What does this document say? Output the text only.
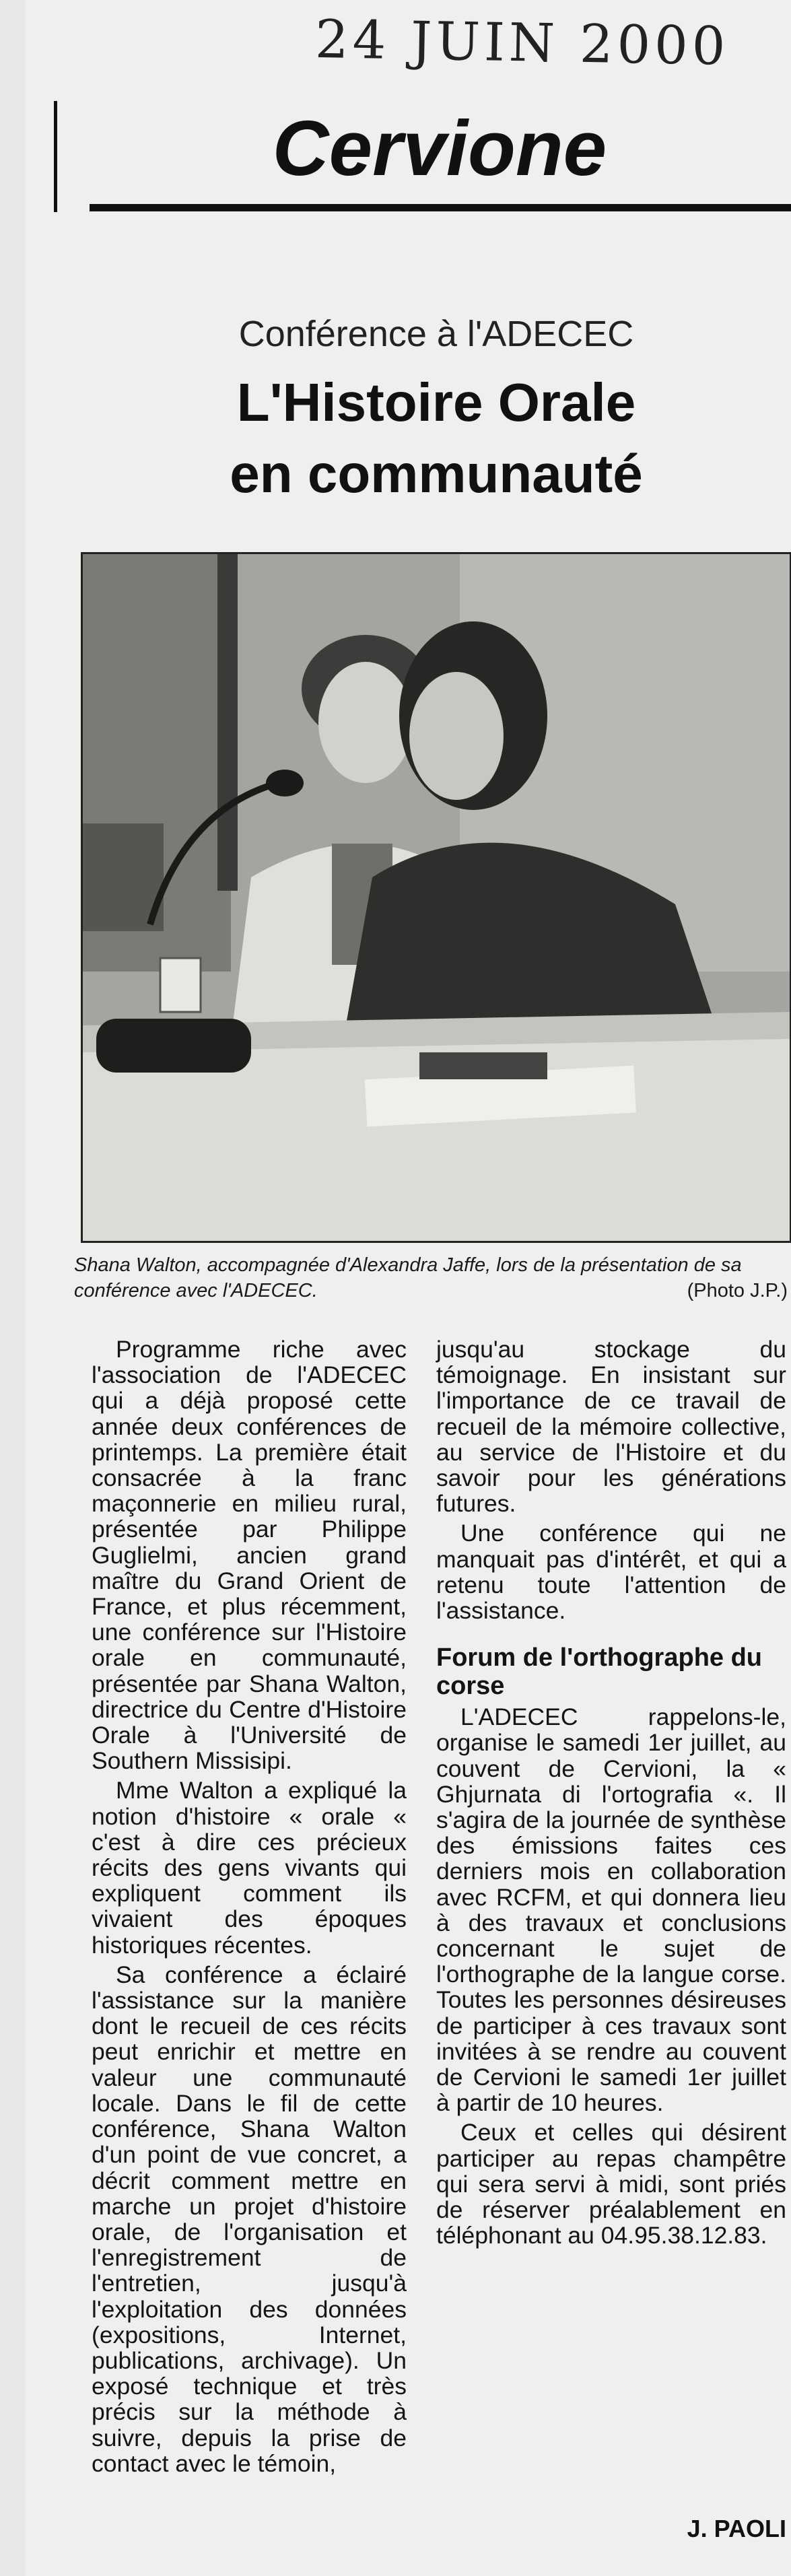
24 JUIN 2000
Cervione
Conférence à l'ADECEC
L'Histoire Orale
en communauté
Shana Walton, accompagnée d'Alexandra Jaffe, lors de la présentation de sa conférence avec l'ADECEC.	(Photo J.P.)

Programme riche avec l'association de l'ADECEC qui a déjà proposé cette année deux conférences de printemps. La première était consacrée à la franc maçonnerie en milieu rural, présentée par Philippe Guglielmi, ancien grand maître du Grand Orient de France, et plus récemment, une conférence sur l'Histoire orale en communauté, présentée par Shana Walton, directrice du Centre d'Histoire Orale à l'Université de Southern Missisipi.

Mme Walton a expliqué la notion d'histoire « orale « c'est à dire ces précieux récits des gens vivants qui expliquent comment ils vivaient des époques historiques récentes.

Sa conférence a éclairé l'assistance sur la manière dont le recueil de ces récits peut enrichir et mettre en valeur une communauté locale. Dans le fil de cette conférence, Shana Walton d'un point de vue concret, a décrit comment mettre en marche un projet d'histoire orale, de l'organisation et l'enregistrement de l'entretien, jusqu'à l'exploitation des données (expositions, Internet, publications, archivage). Un exposé technique et très précis sur la méthode à suivre, depuis la prise de contact avec le témoin,

jusqu'au stockage du témoignage. En insistant sur l'importance de ce travail de recueil de la mémoire collective, au service de l'Histoire et du savoir pour les générations futures.

Une conférence qui ne manquait pas d'intérêt, et qui a retenu toute l'attention de l'assistance.

Forum de l'orthographe du corse

L'ADECEC rappelons-le, organise le samedi 1er juillet, au couvent de Cervioni, la « Ghjurnata di l'ortografia «. Il s'agira de la journée de synthèse des émissions faites ces derniers mois en collaboration avec RCFM, et qui donnera lieu à des travaux et conclusions concernant le sujet de l'orthographe de la langue corse. Toutes les personnes désireuses de participer à ces travaux sont invitées à se rendre au couvent de Cervioni le samedi 1er juillet à partir de 10 heures.

Ceux et celles qui désirent participer au repas champêtre qui sera servi à midi, sont priés de réserver préalablement en téléphonant au 04.95.38.12.83.

J. PAOLI
